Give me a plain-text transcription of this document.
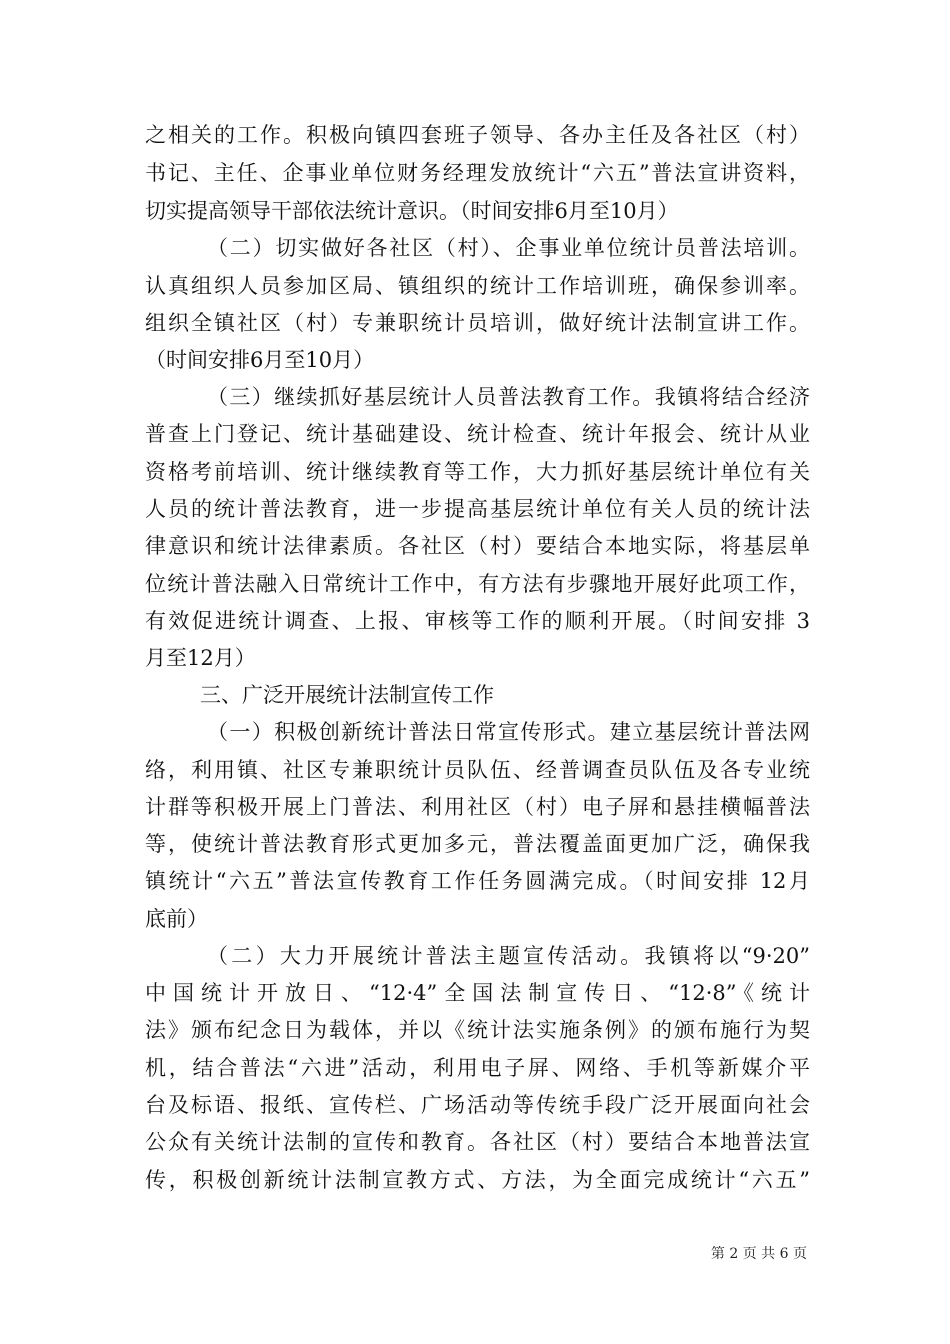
之相关的工作。积极向镇四套班子领导、各办主任及各社区（村）
书记、主任、企事业单位财务经理发放统计“六五”普法宣讲资料，
切实提高领导干部依法统计意识。（时间安排6月至10月）
（二）切实做好各社区（村）、企事业单位统计员普法培训。
认真组织人员参加区局、镇组织的统计工作培训班，确保参训率。
组织全镇社区（村）专兼职统计员培训，做好统计法制宣讲工作。
（时间安排6月至10月）
（三）继续抓好基层统计人员普法教育工作。我镇将结合经济
普查上门登记、统计基础建设、统计检查、统计年报会、统计从业
资格考前培训、统计继续教育等工作，大力抓好基层统计单位有关
人员的统计普法教育，进一步提高基层统计单位有关人员的统计法
律意识和统计法律素质。各社区（村）要结合本地实际，将基层单
位统计普法融入日常统计工作中，有方法有步骤地开展好此项工作，
有效促进统计调查、上报、审核等工作的顺利开展。（时间安排 3
月至12月）
三、广泛开展统计法制宣传工作
（一）积极创新统计普法日常宣传形式。建立基层统计普法网
络，利用镇、社区专兼职统计员队伍、经普调查员队伍及各专业统
计群等积极开展上门普法、利用社区（村）电子屏和悬挂横幅普法
等，使统计普法教育形式更加多元，普法覆盖面更加广泛，确保我
镇统计“六五”普法宣传教育工作任务圆满完成。（时间安排 12月
底前）
（二）大力开展统计普法主题宣传活动。我镇将以“9·20”
中国统计开放日、“12·4”全国法制宣传日、“12·8”《统计
法》颁布纪念日为载体，并以《统计法实施条例》的颁布施行为契
机，结合普法“六进”活动，利用电子屏、网络、手机等新媒介平
台及标语、报纸、宣传栏、广场活动等传统手段广泛开展面向社会
公众有关统计法制的宣传和教育。各社区（村）要结合本地普法宣
传，积极创新统计法制宣教方式、方法，为全面完成统计“六五”
第 2 页 共 6 页
